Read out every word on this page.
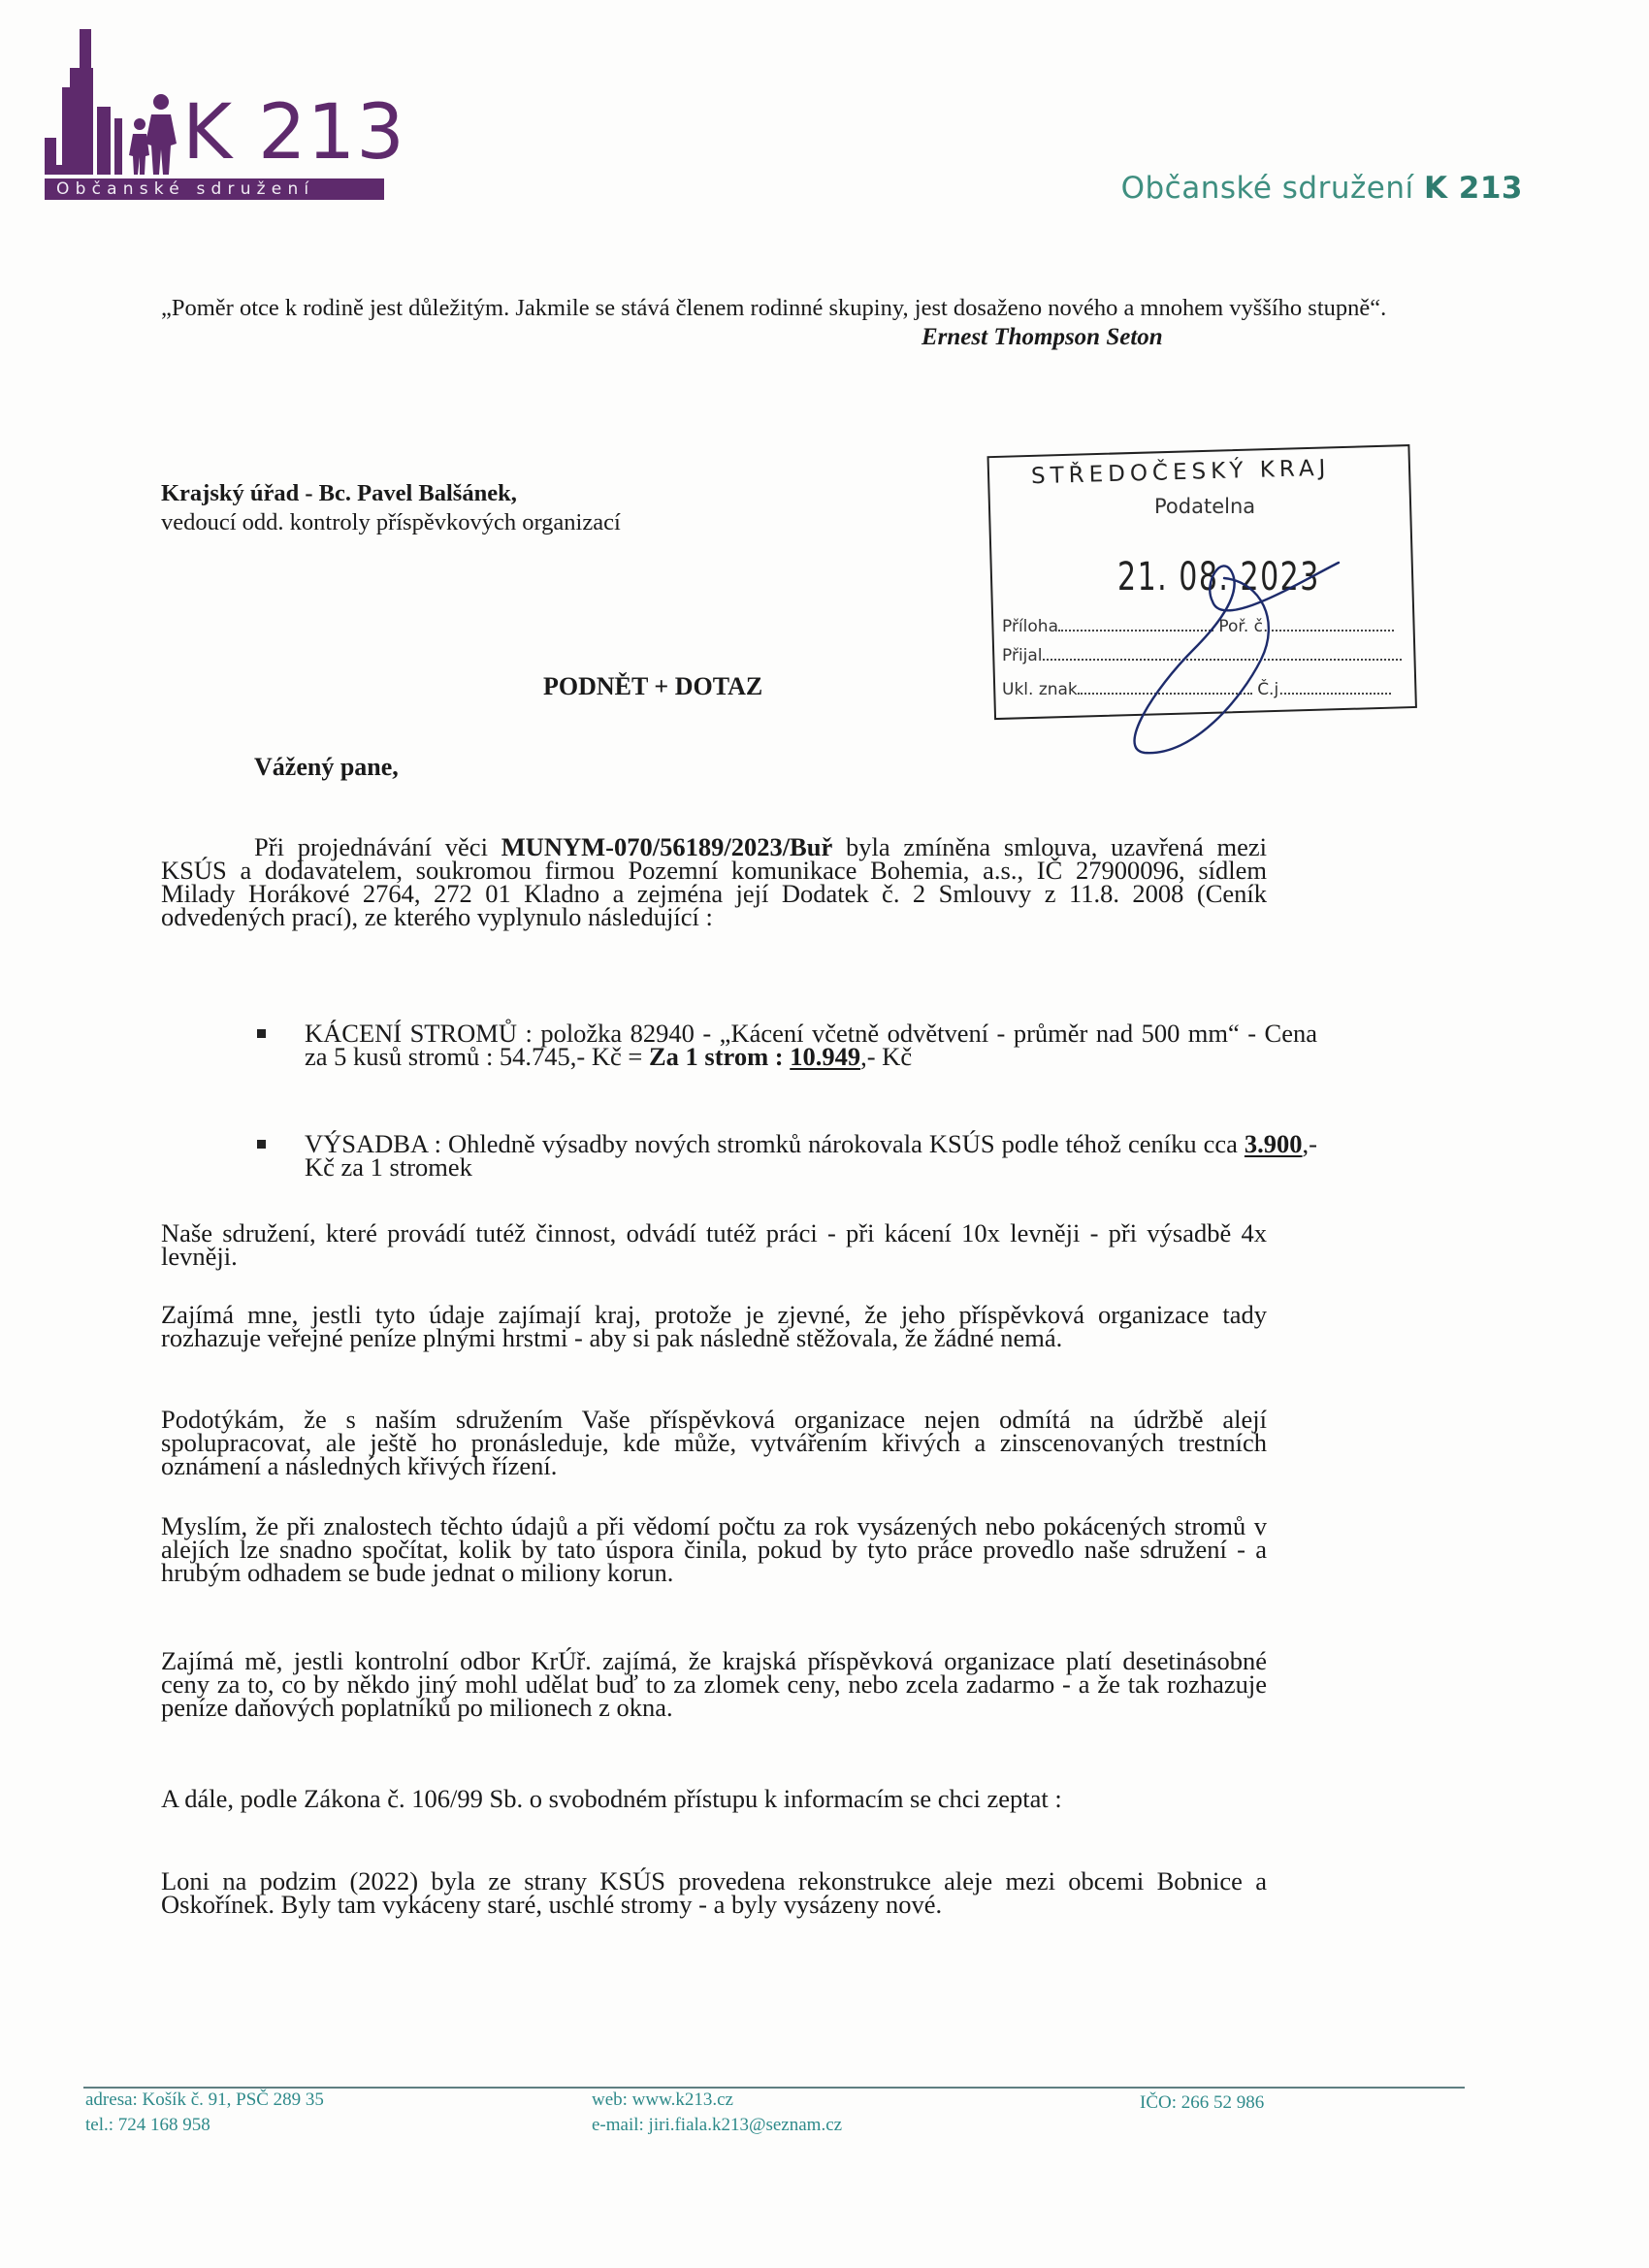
K 213
Občanské sdružení	Občanské sdružení K 213
„Poměr otce k rodině jest důležitým. Jakmile se stává členem rodinné skupiny, jest dosaženo nového a mnohem vyššího stupně“.
Ernest Thompson Seton
Krajský úřad - Bc. Pavel Balšánek,
vedoucí odd. kontroly příspěvkových organizací
STŘEDOČESKÝ KRAJ
Podatelna
21. 08. 2023
Příloha	Poř. č.
Přijal
Ukl. znak	Č.j.
PODNĚT + DOTAZ
Vážený pane,
Při projednávání věci MUNYM-070/56189/2023/Buř byla zmíněna smlouva, uzavřená mezi KSÚS a dodavatelem, soukromou firmou Pozemní komunikace Bohemia, a.s., IČ 27900096, sídlem Milady Horákové 2764, 272 01 Kladno a zejména její Dodatek č. 2 Smlouvy z 11.8. 2008 (Ceník odvedených prací), ze kterého vyplynulo následující :
KÁCENÍ STROMŮ : položka 82940 - „Kácení včetně odvětvení - průměr nad 500 mm“ - Cena za 5 kusů stromů : 54.745,- Kč = Za 1 strom : 10.949,- Kč
VÝSADBA : Ohledně výsadby nových stromků nárokovala KSÚS podle téhož ceníku cca 3.900,- Kč za 1 stromek
Naše sdružení, které provádí tutéž činnost, odvádí tutéž práci - při kácení 10x levněji - při výsadbě 4x levněji.
Zajímá mne, jestli tyto údaje zajímají kraj, protože je zjevné, že jeho příspěvková organizace tady rozhazuje veřejné peníze plnými hrstmi - aby si pak následně stěžovala, že žádné nemá.
Podotýkám, že s naším sdružením Vaše příspěvková organizace nejen odmítá na údržbě alejí spolupracovat, ale ještě ho pronásleduje, kde může, vytvářením křivých a zinscenovaných trestních oznámení a následných křivých řízení.
Myslím, že při znalostech těchto údajů a při vědomí počtu za rok vysázených nebo pokácených stromů v alejích lze snadno spočítat, kolik by tato úspora činila, pokud by tyto práce provedlo naše sdružení - a hrubým odhadem se bude jednat o miliony korun.
Zajímá mě, jestli kontrolní odbor KrÚř. zajímá, že krajská příspěvková organizace platí desetinásobné ceny za to, co by někdo jiný mohl udělat buď to za zlomek ceny, nebo zcela zadarmo - a že tak rozhazuje peníze daňových poplatníků po milionech z okna.
A dále, podle Zákona č. 106/99 Sb. o svobodném přístupu k informacím se chci zeptat :
Loni na podzim (2022) byla ze strany KSÚS provedena rekonstrukce aleje mezi obcemi Bobnice a Oskořínek. Byly tam vykáceny staré, uschlé stromy - a byly vysázeny nové.
adresa: Košík č. 91, PSČ 289 35
tel.: 724 168 958
web: www.k213.cz
e-mail: jiri.fiala.k213@seznam.cz
IČO: 266 52 986
